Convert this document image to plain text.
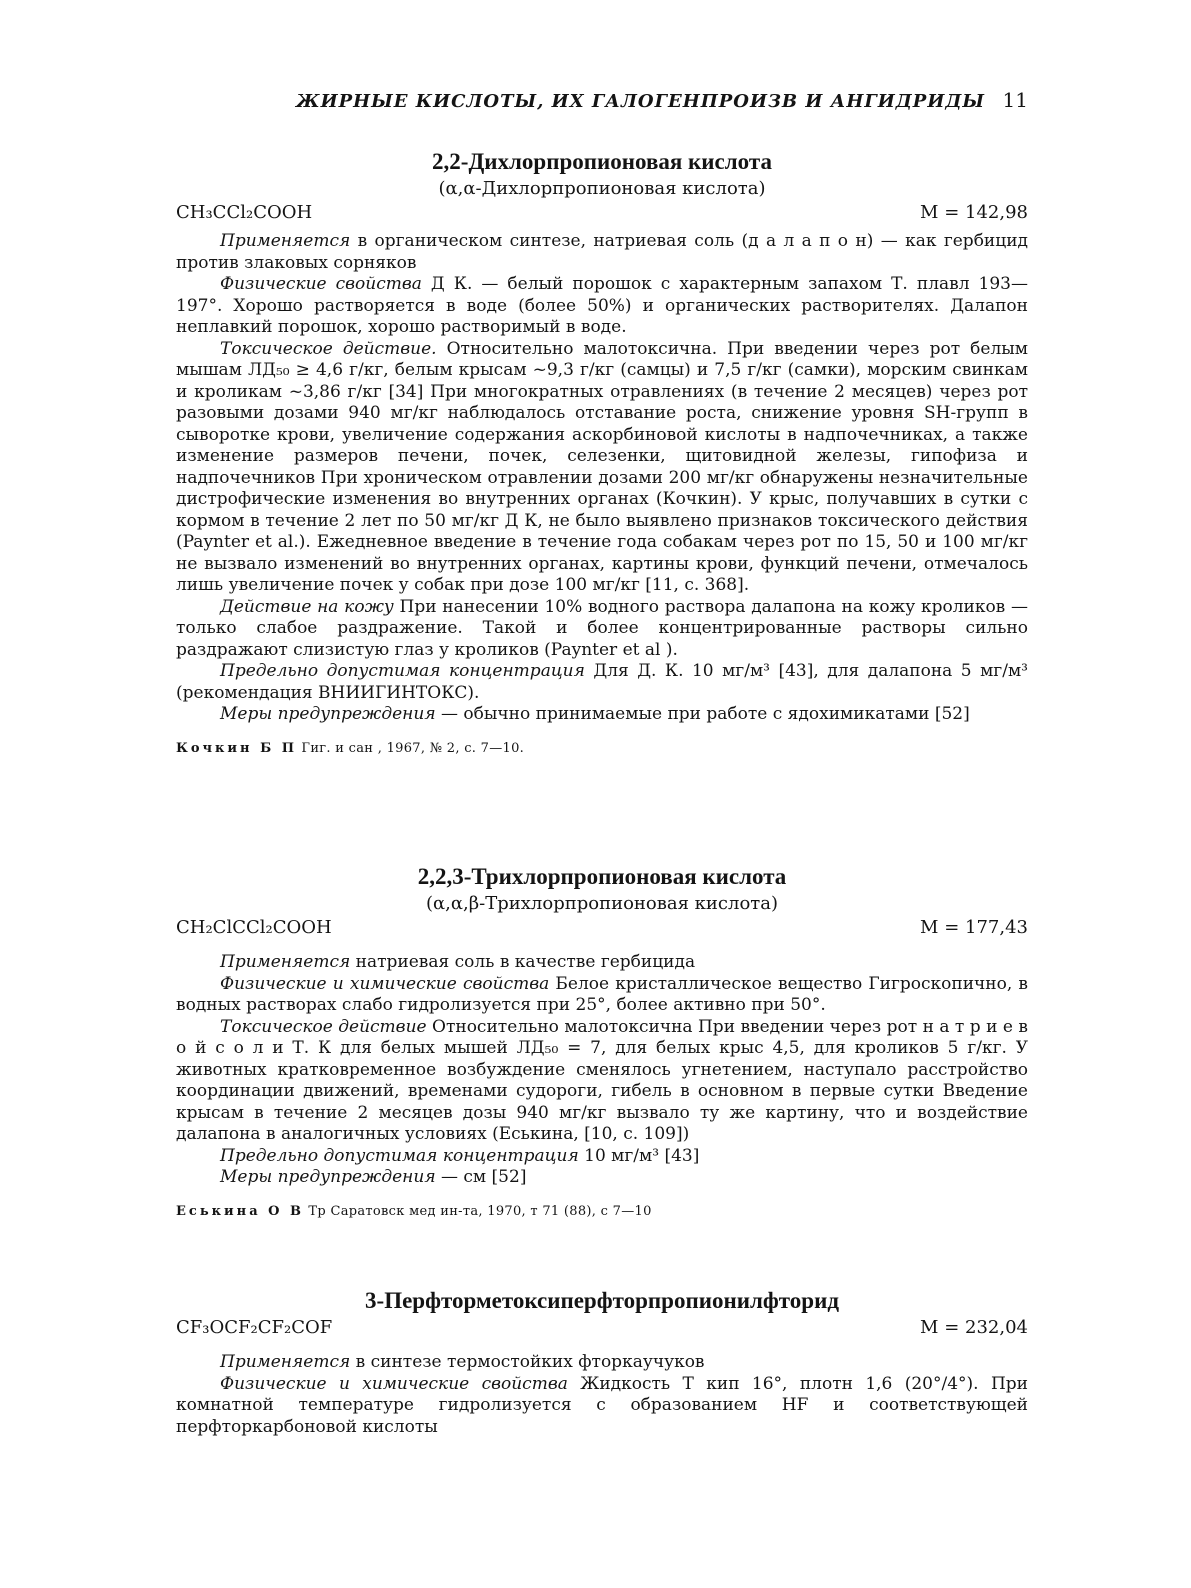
ЖИРНЫЕ КИСЛОТЫ, ИХ ГАЛОГЕНПРОИЗВ И АНГИДРИДЫ 11
2,2-Дихлорпропионовая кислота

(α,α-Дихлорпропионовая кислота)

CH₃CCl₂COOH	M = 142,98

Применяется в органическом синтезе, натриевая соль (д а л а п о н) — как гербицид против злаковых сорняков

Физические свойства Д К. — белый порошок с характерным запахом Т. плавл 193—197°. Хорошо растворяется в воде (более 50%) и органических растворителях. Далапон неплавкий порошок, хорошо растворимый в воде.

Токсическое действие. Относительно малотоксична. При введении через рот белым мышам ЛД₅₀ ≥ 4,6 г/кг, белым крысам ~9,3 г/кг (самцы) и 7,5 г/кг (самки), морским свинкам и кроликам ~3,86 г/кг [34] При многократных отравлениях (в течение 2 месяцев) через рот разовыми дозами 940 мг/кг наблюдалось отставание роста, снижение уровня SH-групп в сыворотке крови, увеличение содержания аскорбиновой кислоты в надпочечниках, а также изменение размеров печени, почек, селезенки, щитовидной железы, гипофиза и надпочечников При хроническом отравлении дозами 200 мг/кг обнаружены незначительные дистрофические изменения во внутренних органах (Кочкин). У крыс, получавших в сутки с кормом в течение 2 лет по 50 мг/кг Д К, не было выявлено признаков токсического действия (Paynter et al.). Ежедневное введение в течение года собакам через рот по 15, 50 и 100 мг/кг не вызвало изменений во внутренних органах, картины крови, функций печени, отмечалось лишь увеличение почек у собак при дозе 100 мг/кг [11, с. 368].

Действие на кожу При нанесении 10% водного раствора далапона на кожу кроликов — только слабое раздражение. Такой и более концентрированные растворы сильно раздражают слизистую глаз у кроликов (Paynter et al ).

Предельно допустимая концентрация Для Д. К. 10 мг/м³ [43], для далапона 5 мг/м³ (рекомендация ВНИИГИНТОКС).

Меры предупреждения — обычно принимаемые при работе с ядохимикатами [52]

Кочкин Б П Гиг. и сан , 1967, № 2, с. 7—10.

2,2,3-Трихлорпропионовая кислота

(α,α,β-Трихлорпропионовая кислота)

CH₂ClCCl₂COOH	M = 177,43

Применяется натриевая соль в качестве гербицида

Физические и химические свойства Белое кристаллическое вещество Гигроскопично, в водных растворах слабо гидролизуется при 25°, более активно при 50°.

Токсическое действие Относительно малотоксична При введении через рот н а т р и е в о й с о л и Т. К для белых мышей ЛД₅₀ = 7, для белых крыс 4,5, для кроликов 5 г/кг. У животных кратковременное возбуждение сменялось угнетением, наступало расстройство координации движений, временами судороги, гибель в основном в первые сутки Введение крысам в течение 2 месяцев дозы 940 мг/кг вызвало ту же картину, что и воздействие далапона в аналогичных условиях (Еськина, [10, с. 109])

Предельно допустимая концентрация 10 мг/м³ [43]

Меры предупреждения — см [52]

Еськина О В Тр Саратовск мед ин-та, 1970, т 71 (88), с 7—10

3-Перфторметоксиперфторпропионилфторид
CF₃OCF₂CF₂COF	M = 232,04

Применяется в синтезе термостойких фторкаучуков

Физические и химические свойства Жидкость Т кип 16°, плотн 1,6 (20°/4°). При комнатной температуре гидролизуется с образованием HF и соответствующей перфторкарбоновой кислоты
